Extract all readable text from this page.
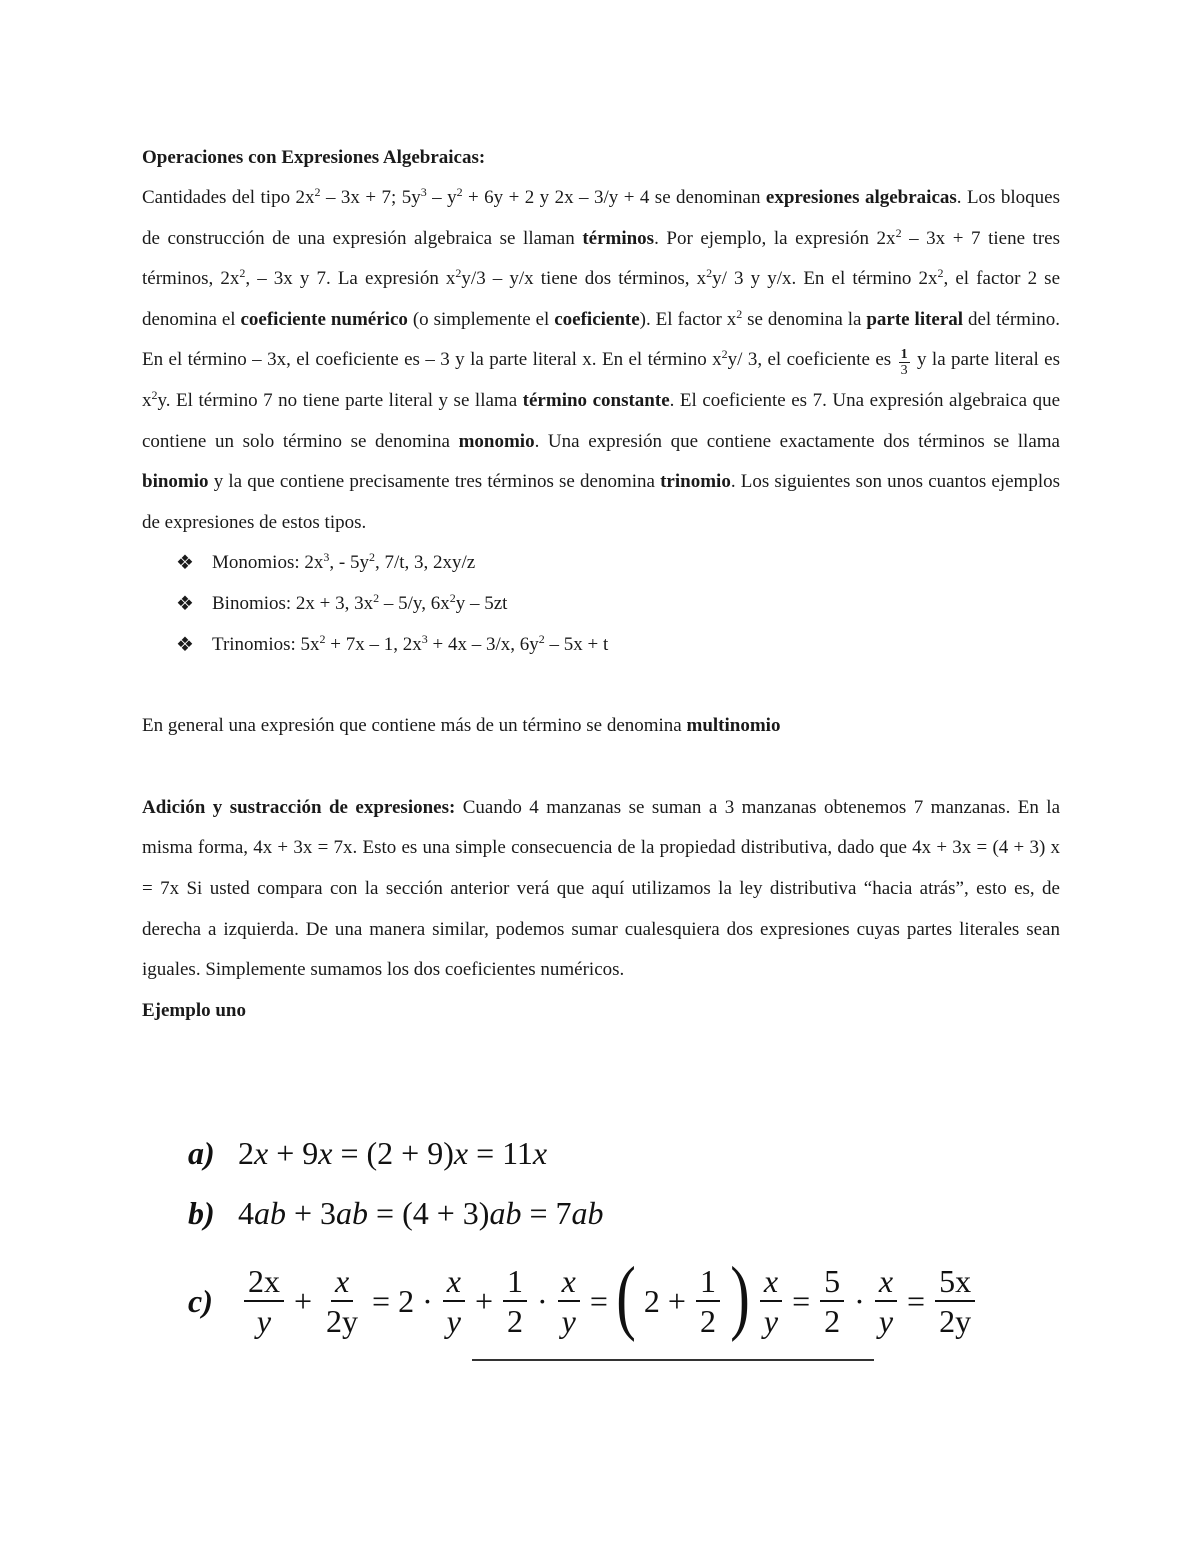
Operaciones con Expresiones Algebraicas:
Cantidades del tipo $2x^2 - 3x + 7$; $5y^3 - y^2 + 6y + 2$ y 2x – 3/y + 4 se denominan expresiones algebraicas. Los bloques de construcción de una expresión algebraica se llaman términos. Por ejemplo, la expresión $2x^2 - 3x + 7$ tiene tres términos, $2x^2$, – 3x y 7. La expresión $x^2y/3 - y/x$ tiene dos términos, $x^2y/$ 3 y y/x. En el término $2x^2$, el factor 2 se denomina el coeficiente numérico (o simplemente el coeficiente). El factor $x^2$ se denomina la parte literal del término. En el término – 3x, el coeficiente es – 3 y la parte literal x. En el término $x^2y/$ 3, el coeficiente es $\frac{1}{3}$ y la parte literal es $x^2y$. El término 7 no tiene parte literal y se llama término constante. El coeficiente es 7. Una expresión algebraica que contiene un solo término se denomina monomio. Una expresión que contiene exactamente dos términos se llama binomio y la que contiene precisamente tres términos se denomina trinomio. Los siguientes son unos cuantos ejemplos de expresiones de estos tipos.
❖ Monomios: $2x^3$, - $5y^2$, 7/t, 3, 2xy/z
❖ Binomios: 2x + 3, $3x^2 - 5/y$, $6x^2y - 5zt$
❖ Trinomios: $5x^2 + 7x - 1$, $2x^3 + 4x - 3/x$, $6y^2 - 5x + t$
En general una expresión que contiene más de un término se denomina multinomio
Adición y sustracción de expresiones: Cuando 4 manzanas se suman a 3 manzanas obtenemos 7 manzanas. En la misma forma, 4x + 3x = 7x. Esto es una simple consecuencia de la propiedad distributiva, dado que 4x + 3x = (4 + 3) x = 7x Si usted compara con la sección anterior verá que aquí utilizamos la ley distributiva “hacia atrás”, esto es, de derecha a izquierda. De una manera similar, podemos sumar cualesquiera dos expresiones cuyas partes literales sean iguales. Simplemente sumamos los dos coeficientes numéricos.
Ejemplo uno
a) 2x + 9x = (2 + 9)x = 11x
b) 4ab + 3ab = (4 + 3)ab = 7ab
$c) \frac{2x}{y} + \frac{x}{2y} = 2 \cdot \frac{x}{y} + \frac{1}{2} \cdot \frac{x}{y}$ =( $2 + \frac{1}{2}$ ) $\frac{x}{y} = \frac{5}{2} \cdot \frac{x}{y} = \frac{5x}{2y}$
